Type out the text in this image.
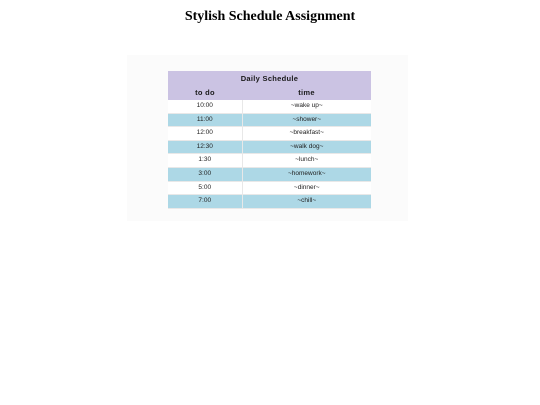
Stylish Schedule Assignment
Daily Schedule	
to do	time
10:00	~wake up~
11:00	~shower~
12:00	~breakfast~
12:30	~walk dog~
1:30	~lunch~
3:00	~homework~
5:00	~dinner~
7:00	~chill~
